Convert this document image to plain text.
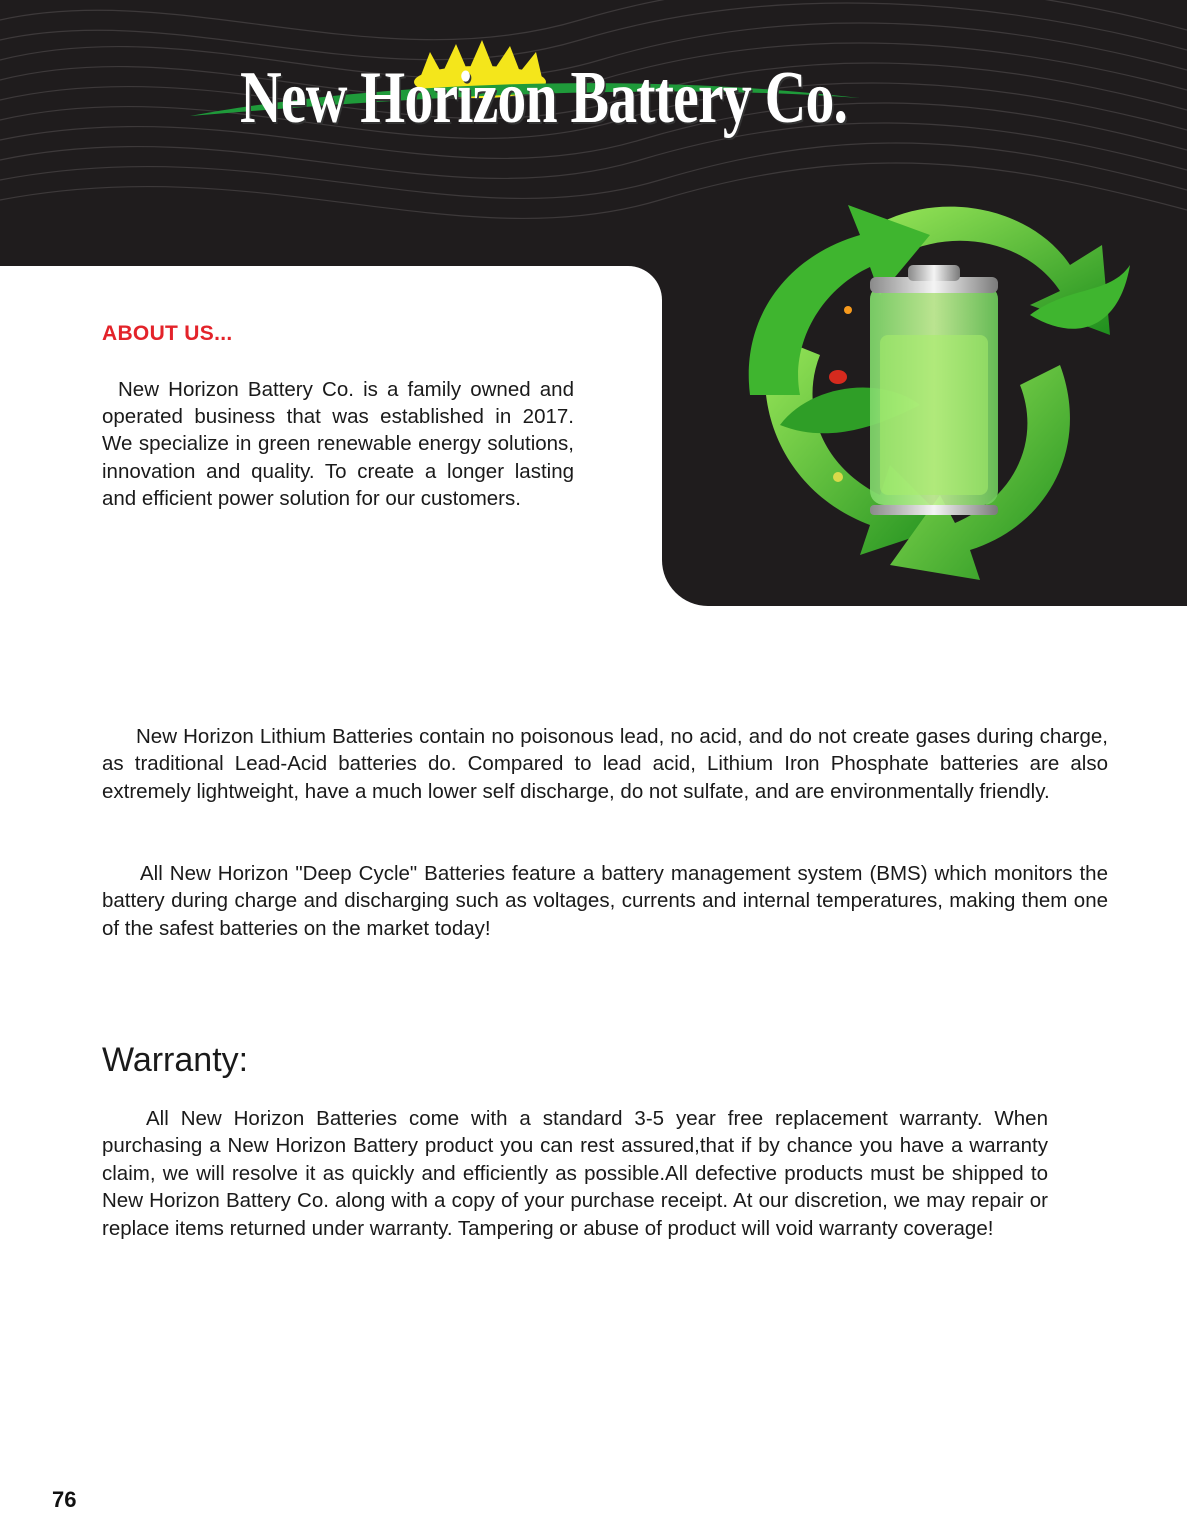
New Horizon Battery Co.
ABOUT US...

New Horizon Battery Co. is a family owned and operated business that was established in 2017. We specialize in green renewable energy solutions, innovation and quality. To create a longer lasting and efficient power solution for our customers.

New Horizon Lithium Batteries contain no poisonous lead, no acid, and do not create gases during charge, as traditional Lead-Acid batteries do. Compared to lead acid, Lithium Iron Phosphate batteries are also extremely lightweight, have a much lower self discharge, do not sulfate, and are environmentally friendly.

All New Horizon "Deep Cycle" Batteries feature a battery management system (BMS) which monitors the battery during charge and discharging such as voltages, currents and internal temperatures, making them one of the safest batteries on the market today!

Warranty:

All New Horizon Batteries come with a standard 3-5 year free replacement warranty. When purchasing a New Horizon Battery product you can rest assured,that if by chance you have a warranty claim, we will resolve it as quickly and efficiently as possible.All defective products must be shipped to New Horizon Battery Co. along with a copy of your purchase receipt. At our discretion, we may repair or replace items returned under warranty. Tampering or abuse of product will void warranty coverage!

76
